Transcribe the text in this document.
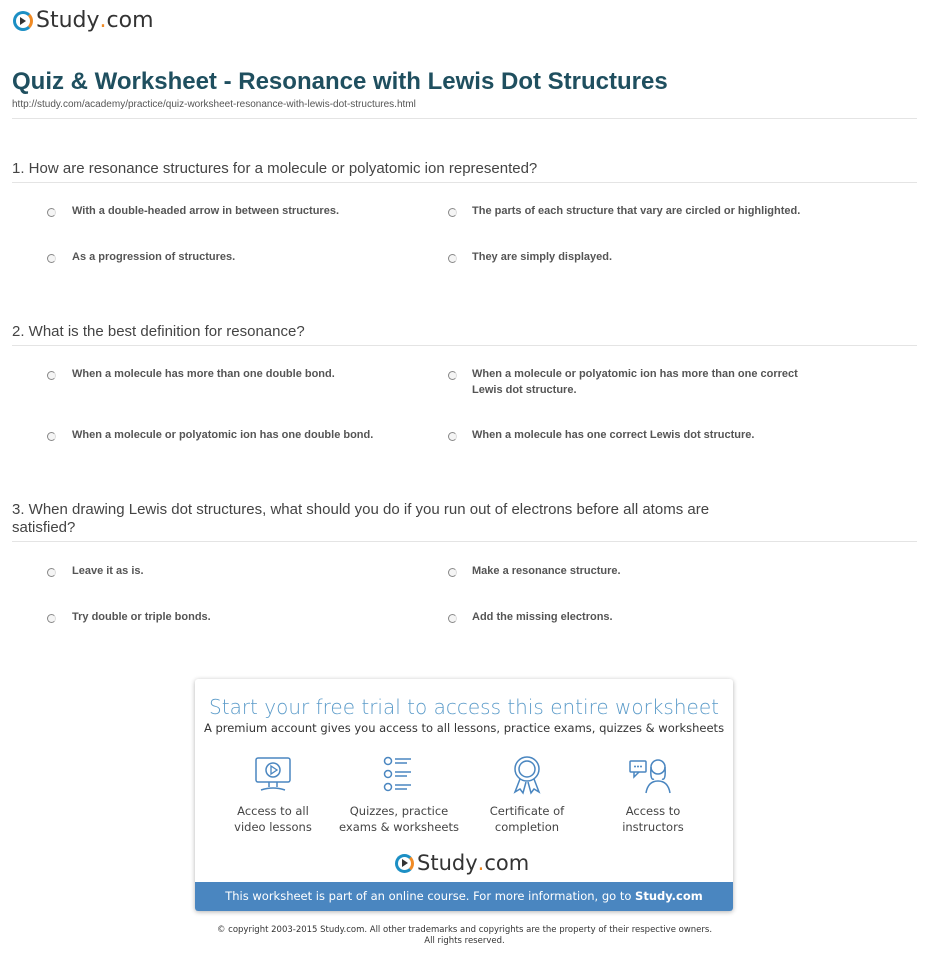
Study . com
Quiz & Worksheet - Resonance with Lewis Dot Structures
http://study.com/academy/practice/quiz-worksheet-resonance-with-lewis-dot-structures.html
1. How are resonance structures for a molecule or polyatomic ion represented?
With a double-headed arrow in between structures.	The parts of each structure that vary are circled or highlighted.
As a progression of structures.	They are simply displayed.
2. What is the best definition for resonance?
When a molecule has more than one double bond.	When a molecule or polyatomic ion has more than one correct Lewis dot structure.
When a molecule or polyatomic ion has one double bond.	When a molecule has one correct Lewis dot structure.
3. When drawing Lewis dot structures, what should you do if you run out of electrons before all atoms are satisfied?
Leave it as is.	Make a resonance structure.
Try double or triple bonds.	Add the missing electrons.
Start your free trial to access this entire worksheet
A premium account gives you access to all lessons, practice exams, quizzes & worksheets
Access to all
video lessons
Quizzes, practice
exams & worksheets
Certificate of
completion
Access to
instructors
Study . com
This worksheet is part of an online course. For more information, go to Study.com
© copyright 2003-2015 Study.com. All other trademarks and copyrights are the property of their respective owners.
All rights reserved.
